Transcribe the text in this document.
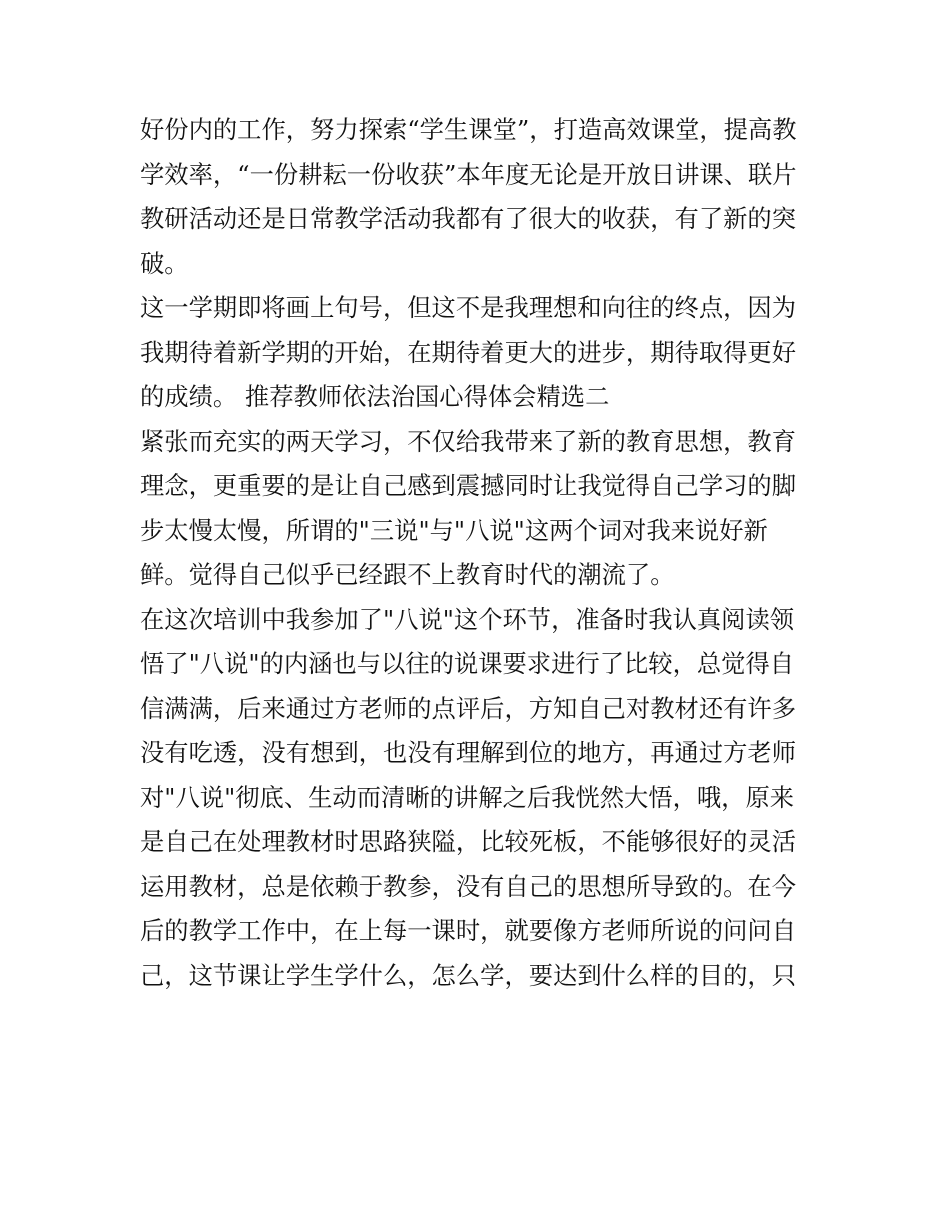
好份内的工作，努力探索“学生课堂”，打造高效课堂，提高教
学效率，“一份耕耘一份收获”本年度无论是开放日讲课、联片
教研活动还是日常教学活动我都有了很大的收获，有了新的突
破。
这一学期即将画上句号，但这不是我理想和向往的终点，因为
我期待着新学期的开始，在期待着更大的进步，期待取得更好
的成绩。 推荐教师依法治国心得体会精选二
紧张而充实的两天学习，不仅给我带来了新的教育思想，教育
理念，更重要的是让自己感到震撼同时让我觉得自己学习的脚
步太慢太慢，所谓的"三说"与"八说"这两个词对我来说好新
鲜。觉得自己似乎已经跟不上教育时代的潮流了。
在这次培训中我参加了"八说"这个环节，准备时我认真阅读领
悟了"八说"的内涵也与以往的说课要求进行了比较，总觉得自
信满满，后来通过方老师的点评后，方知自己对教材还有许多
没有吃透，没有想到，也没有理解到位的地方，再通过方老师
对"八说"彻底、生动而清晰的讲解之后我恍然大悟，哦，原来
是自己在处理教材时思路狭隘，比较死板，不能够很好的灵活
运用教材，总是依赖于教参，没有自己的思想所导致的。在今
后的教学工作中，在上每一课时，就要像方老师所说的问问自
己，这节课让学生学什么，怎么学，要达到什么样的目的，只
